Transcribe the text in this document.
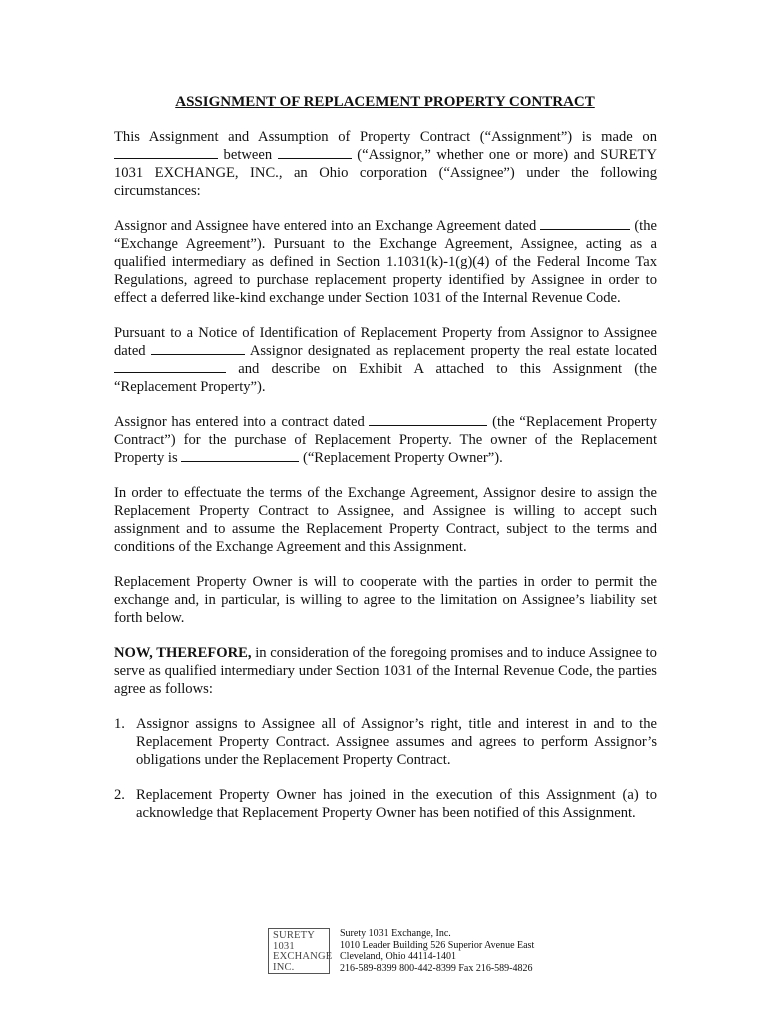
ASSIGNMENT OF REPLACEMENT PROPERTY CONTRACT
This Assignment and Assumption of Property Contract (“Assignment”) is made on  between	(“Assignor,” whether one or more) and SURETY 1031 EXCHANGE, INC., an Ohio corporation (“Assignee”) under the following circumstances:
Assignor and Assignee have entered into an Exchange Agreement dated	(the “Exchange Agreement”). Pursuant to the Exchange Agreement, Assignee, acting as a qualified intermediary as defined in Section 1.1031(k)-1(g)(4) of the Federal Income Tax Regulations, agreed to purchase replacement property identified by Assignee in order to effect a deferred like-kind exchange under Section 1031 of the Internal Revenue Code.
Pursuant to a Notice of Identification of Replacement Property from Assignor to Assignee dated	Assignor designated as replacement property the real estate located  and describe on Exhibit A attached to this Assignment (the “Replacement Property”).
Assignor has entered into a contract dated	(the “Replacement Property Contract”) for the purchase of Replacement Property. The owner of the Replacement Property is	(“Replacement Property Owner”).
In order to effectuate the terms of the Exchange Agreement, Assignor desire to assign the Replacement Property Contract to Assignee, and Assignee is willing to accept such assignment and to assume the Replacement Property Contract, subject to the terms and conditions of the Exchange Agreement and this Assignment.
Replacement Property Owner is will to cooperate with the parties in order to permit the exchange and, in particular, is willing to agree to the limitation on Assignee’s liability set forth below.
NOW, THEREFORE, in consideration of the foregoing promises and to induce Assignee to serve as qualified intermediary under Section 1031 of the Internal Revenue Code, the parties agree as follows:
1. Assignor assigns to Assignee all of Assignor’s right, title and interest in and to the Replacement Property Contract. Assignee assumes and agrees to perform Assignor’s obligations under the Replacement Property Contract.
2. Replacement Property Owner has joined in the execution of this Assignment (a) to acknowledge that Replacement Property Owner has been notified of this Assignment.
SURETY
1031
EXCHANGE
INC.
Surety 1031 Exchange, Inc.
1010 Leader Building 526 Superior Avenue East
Cleveland, Ohio 44114-1401
216-589-8399 800-442-8399 Fax 216-589-4826
